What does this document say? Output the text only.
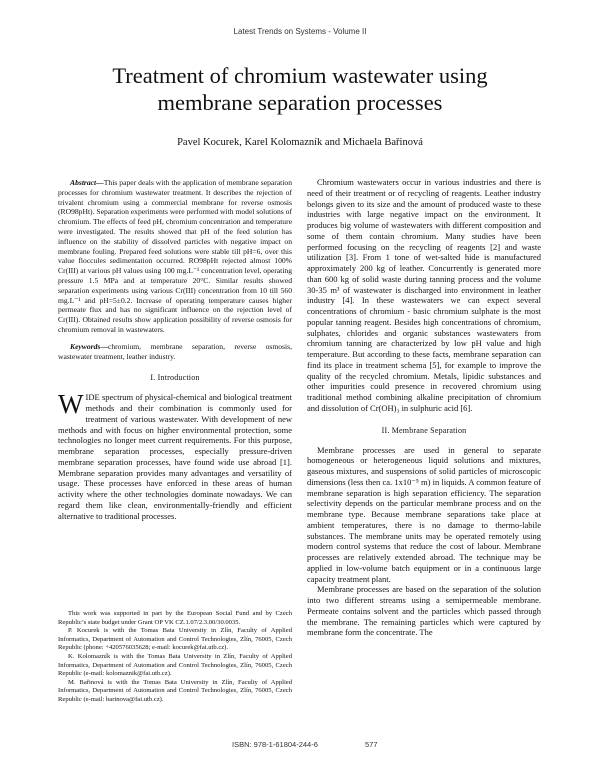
Latest Trends on Systems - Volume II
Treatment of chromium wastewater using
membrane separation processes
Pavel Kocurek, Karel Kolomazník and Michaela Bařinová

Abstract—This paper deals with the application of membrane separation processes for chromium wastewater treatment. It describes the rejection of trivalent chromium using a commercial membrane for reverse osmosis (RO98pHt). Separation experiments were performed with model solutions of chromium. The effects of feed pH, chromium concentration and temperature were investigated. The results showed that pH of the feed solution has influence on the stability of dissolved particles with negative impact on membrane fouling. Prepared feed solutions were stable till pH=6, over this value floccules sedimentation occurred. RO98pHt rejected almost 100% Cr(III) at various pH values using 100 mg.L⁻¹ concentration level, operating pressure 1.5 MPa and at temperature 20°C. Similar results showed separation experiments using various Cr(III) concentration from 10 till 560 mg.L⁻¹ and pH=5±0.2. Increase of operating temperature causes higher permeate flux and has no significant influence on the rejection level of Cr(III). Obtained results show application possibility of reverse osmosis for chromium removal in wastewaters.

Keywords—chromium, membrane separation, reverse osmosis, wastewater treatment, leather industry.

I. Introduction

WIDE spectrum of physical-chemical and biological treatment methods and their combination is commonly used for treatment of various wastewater. With development of new methods and with focus on higher environmental protection, some technologies no longer meet current requirements. For this purpose, membrane separation processes, especially pressure-driven membrane separation processes, have found wide use abroad [1]. Membrane separation provides many advantages and versatility of usage. These processes have enforced in these areas of human activity where the other technologies dominate nowadays. We can regard them like clean, environmentally-friendly and efficient alternative to traditional processes.

This work was supported in part by the European Social Fund and by Czech Republic’s state budget under Grant OP VK CZ.1.07/2.3.00/30.0035.

P. Kocurek is with the Tomas Bata University in Zlín, Faculty of Applied Informatics, Department of Automation and Control Technologies, Zlín, 76005, Czech Republic (phone: +420576035628; e-mail: kocurek@fai.utb.cz).

K. Kolomazník is with the Tomas Bata University in Zlín, Faculty of Applied Informatics, Department of Automation and Control Technologies, Zlín, 76005, Czech Republic (e-mail: kolomaznik@fai.utb.cz).

M. Bařinová is with the Tomas Bata University in Zlín, Faculty of Applied Informatics, Department of Automation and Control Technologies, Zlín, 76005, Czech Republic (e-mail: barinova@fai.utb.cz).

Chromium wastewaters occur in various industries and there is need of their treatment or of recycling of reagents. Leather industry belongs given to its size and the amount of produced waste to these industries with large negative impact on the environment. It produces big volume of wastewaters with different composition and some of them contain chromium. Many studies have been performed focusing on the recycling of reagents [2] and waste utilization [3]. From 1 tone of wet-salted hide is manufactured approximately 200 kg of leather. Concurrently is generated more than 600 kg of solid waste during tanning process and the volume 30-35 m³ of wastewater is discharged into environment in leather industry [4]. In these wastewaters we can expect several concentrations of chromium - basic chromium sulphate is the most popular tanning reagent. Besides high concentrations of chromium, sulphates, chlorides and organic substances wastewaters from chromium tanning are characterized by low pH value and high temperature. But according to these facts, membrane separation can find its place in treatment schema [5], for example to improve the quality of the recycled chromium. Metals, lipidic substances and other impurities could presence in recovered chromium using traditional method combining alkaline precipitation of chromium and dissolution of Cr(OH)₃ in sulphuric acid [6].

II. Membrane Separation

Membrane processes are used in general to separate homogeneous or heterogeneous liquid solutions and mixtures, gaseous mixtures, and suspensions of solid particles of microscopic dimensions (less then ca. 1x10⁻⁵ m) in liquids. A common feature of membrane separation is high separation efficiency. The separation selectivity depends on the particular membrane process and on the membrane type. Because membrane separations take place at ambient temperatures, there is no damage to thermo-labile substances. The membrane units may be operated remotely using modern control systems that reduce the cost of labour. Membrane processes are relatively extended abroad. The technique may be applied in low-volume batch equipment or in a continuous large capacity treatment plant.

Membrane processes are based on the separation of the solution into two different streams using a semipermeable membrane. Permeate contains solvent and the particles which passed through the membrane. The remaining particles which were captured by membrane form the concentrate. The

ISBN: 978-1-61804-244-6	577
